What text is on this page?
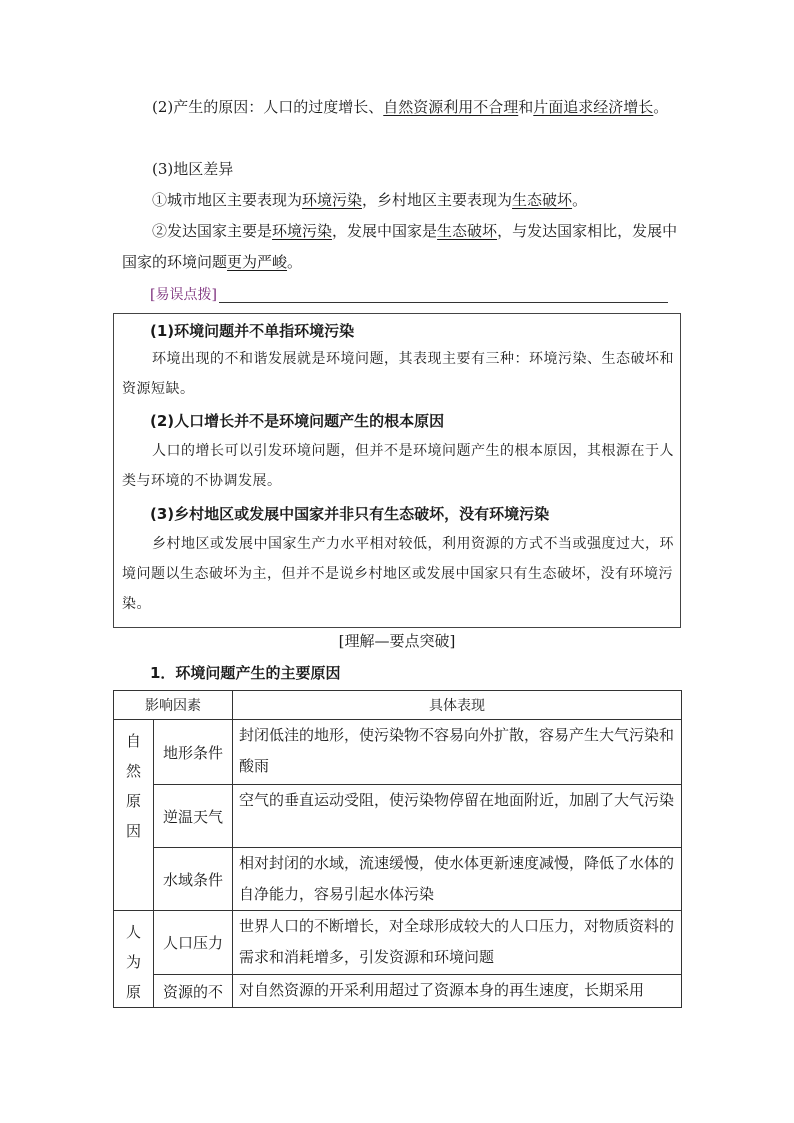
(2)产生的原因：人口的过度增长、自然资源利用不合理和片面追求经济增长。

(3)地区差异

①城市地区主要表现为环境污染，乡村地区主要表现为生态破坏。

②发达国家主要是环境污染，发展中国家是生态破坏，与发达国家相比，发展中国家的环境问题更为严峻。

[易误点拨]

(1)环境问题并不单指环境污染

环境出现的不和谐发展就是环境问题，其表现主要有三种：环境污染、生态破坏和资源短缺。

(2)人口增长并不是环境问题产生的根本原因

人口的增长可以引发环境问题，但并不是环境问题产生的根本原因，其根源在于人类与环境的不协调发展。

(3)乡村地区或发展中国家并非只有生态破坏，没有环境污染

乡村地区或发展中国家生产力水平相对较低，利用资源的方式不当或强度过大，环境问题以生态破坏为主，但并不是说乡村地区或发展中国家只有生态破坏，没有环境污染。

[理解—要点突破]
1．环境问题产生的主要原因
影响因素		具体表现

自
然
原
因	地形条件	封闭低洼的地形，使污染物不容易向外扩散，容易产生大气污染和酸雨
	逆温天气	空气的垂直运动受阻，使污染物停留在地面附近，加剧了大气污染
	水域条件	相对封闭的水域，流速缓慢，使水体更新速度减慢，降低了水体的自净能力，容易引起水体污染

人
为
原	人口压力	世界人口的不断增长，对全球形成较大的人口压力，对物质资料的需求和消耗增多，引发资源和环境问题
	资源的不	对自然资源的开采利用超过了资源本身的再生速度，长期采用
